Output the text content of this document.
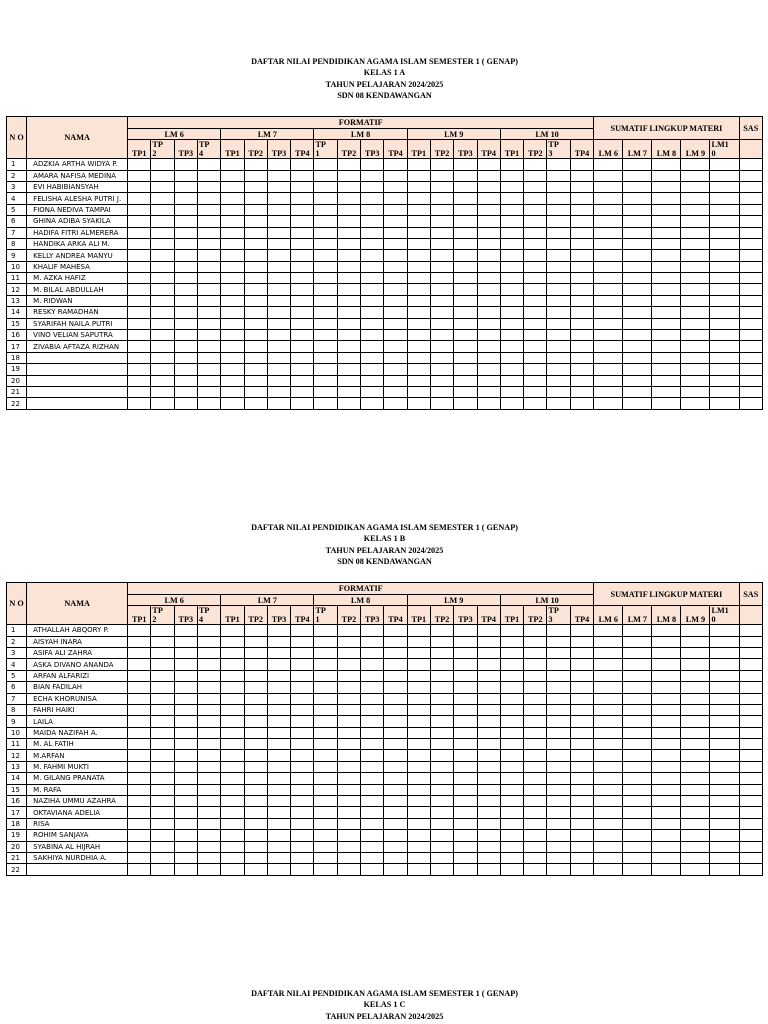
DAFTAR NILAI PENDIDIKAN AGAMA ISLAM SEMESTER 1 ( GENAP)
KELAS 1 A
TAHUN PELAJARAN 2024/2025
SDN 08 KENDAWANGAN
N O	NAMA	FORMATIF																				SUMATIF LINGKUP MATERI					SAS
		LM 6				LM 7				LM 8				LM 9				LM 10									
		TP1	TP 2	TP3	TP 4	TP1	TP2	TP3	TP4	TP 1	TP2	TP3	TP4	TP1	TP2	TP3	TP4	TP1	TP2	TP 3	TP4	LM 6	LM 7	LM 8	LM 9	LM1 0	
1	ADZKIA ARTHA WIDYA P.																										
2	AMARA NAFISA MEDINA																										
3	EVI HABIBIANSYAH																										
4	FELISHA ALESHA PUTRI J.																										
5	FIONA NEDIVA TAMPAI																										
6	GHINA ADIBA SYAKILA																										
7	HADIFA FITRI ALMERERA																										
8	HANDIKA ARKA ALI M.																										
9	KELLY ANDREA MANYU																										
10	KHALIF MAHESA																										
11	M. AZKA HAFIZ																										
12	M. BILAL ABDULLAH																										
13	M. RIDWAN																										
14	RESKY RAMADHAN																										
15	SYARIFAH NAILA PUTRI																										
16	VINO VELIAN SAPUTRA																										
17	ZIVABIA AFTAZA RIZHAN																										
18																											
19																											
20																											
21																											
22																											
DAFTAR NILAI PENDIDIKAN AGAMA ISLAM SEMESTER 1 ( GENAP)
KELAS 1 B
TAHUN PELAJARAN 2024/2025
SDN 08 KENDAWANGAN
N O	NAMA	FORMATIF																				SUMATIF LINGKUP MATERI					SAS
		LM 6				LM 7				LM 8				LM 9				LM 10									
		TP1	TP 2	TP3	TP 4	TP1	TP2	TP3	TP4	TP 1	TP2	TP3	TP4	TP1	TP2	TP3	TP4	TP1	TP2	TP 3	TP4	LM 6	LM 7	LM 8	LM 9	LM1 0	
1	ATHALLAH ABQORY P.																										
2	AISYAH INARA																										
3	ASIFA ALI ZAHRA																										
4	ASKA DIVANO ANANDA																										
5	ARFAN ALFARIZI																										
6	BIAN FADILAH																										
7	ECHA KHORUNISA																										
8	FAHRI HAIKI																										
9	LAILA																										
10	MAIDA NAZIFAH A.																										
11	M. AL FATIH																										
12	M.ARFAN																										
13	M. FAHMI MUKTI																										
14	M. GILANG PRANATA																										
15	M. RAFA																										
16	NAZIHA UMMU AZAHRA																										
17	OKTAVIANA ADELIA																										
18	RISA																										
19	ROHIM SANJAYA																										
20	SYABINA AL HIJRAH																										
21	SAKHIYA NURDHIA A.																										
22																											
DAFTAR NILAI PENDIDIKAN AGAMA ISLAM SEMESTER 1 ( GENAP)
KELAS 1 C
TAHUN PELAJARAN 2024/2025
